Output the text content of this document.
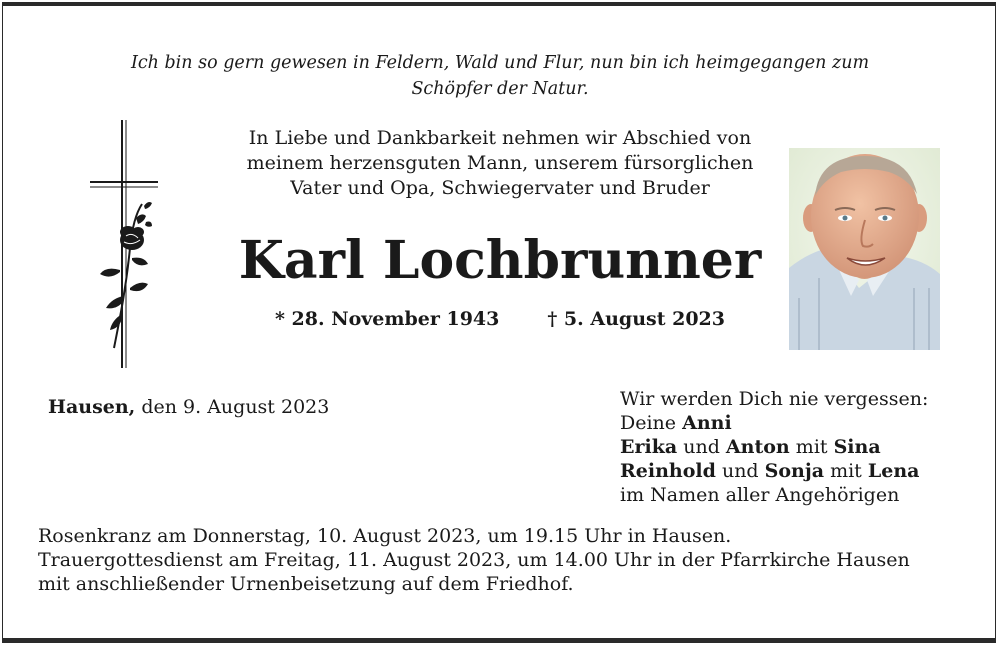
Ich bin so gern gewesen in Feldern, Wald und Flur, nun bin ich heimgegangen zum
Schöpfer der Natur.
In Liebe und Dankbarkeit nehmen wir Abschied von
meinem herzensguten Mann, unserem fürsorglichen
Vater und Opa, Schwiegervater und Bruder
Karl Lochbrunner
* 28. November 1943	† 5. August 2023
Hausen, den 9. August 2023	Wir werden Dich nie vergessen:
Deine Anni
Erika und Anton mit Sina
Reinhold und Sonja mit Lena
im Namen aller Angehörigen
Rosenkranz am Donnerstag, 10. August 2023, um 19.15 Uhr in Hausen.
Trauergottesdienst am Freitag, 11. August 2023, um 14.00 Uhr in der Pfarrkirche Hausen
mit anschließender Urnenbeisetzung auf dem Friedhof.
